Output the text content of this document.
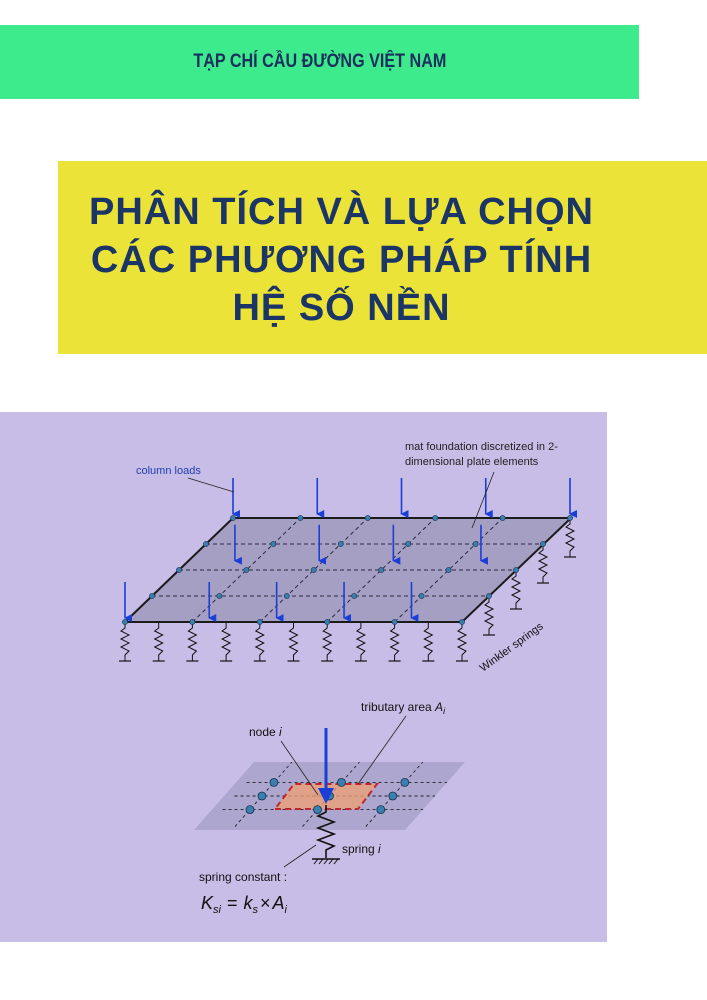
TẠP CHÍ CẦU ĐƯỜNG VIỆT NAM
PHÂN TÍCH VÀ LỰA CHỌN
CÁC PHƯƠNG PHÁP TÍNH
HỆ SỐ NỀN
column loads
mat foundation discretized in 2-
dimensional plate elements
Winkler springs
tributary area $A_i$
node i
spring i
spring constant :
$K_{si} = k_s \times A_i$
